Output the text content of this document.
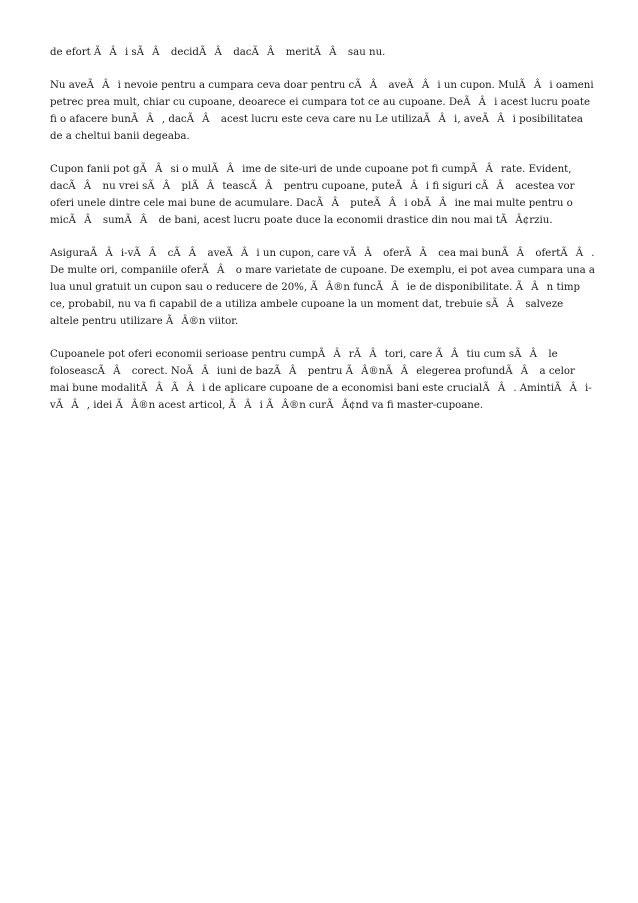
de efort ÃÂi sÃÂ decidÃÂ dacÃÂ meritÃÂ sau nu.

Nu aveÃÂi nevoie pentru a cumpara ceva doar pentru cÃÂ aveÃÂi un cupon. MulÃÂi oameni petrec prea mult, chiar cu cupoane, deoarece ei cumpara tot ce au cupoane. DeÃÂi acest lucru poate fi o afacere bunÃÂ, dacÃÂ acest lucru este ceva care nu Le utilizaÃÂi, aveÃÂi posibilitatea de a cheltui banii degeaba.

Cupon fanii pot gÃÂsi o mulÃÂime de site-uri de unde cupoane pot fi cumpÃÂrate. Evident, dacÃÂ nu vrei sÃÂ plÃÂteascÃÂ pentru cupoane, puteÃÂi fi siguri cÃÂ acestea vor oferi unele dintre cele mai bune de acumulare. DacÃÂ puteÃÂi obÃÂine mai multe pentru o micÃÂ sumÃÂ de bani, acest lucru poate duce la economii drastice din nou mai tÃÂ¢rziu.

AsiguraÃÂi-vÃÂ cÃÂ aveÃÂi un cupon, care vÃÂ oferÃÂ cea mai bunÃÂ ofertÃÂ. De multe ori, companiile oferÃÂ o mare varietate de cupoane. De exemplu, ei pot avea cumpara una a lua unul gratuit un cupon sau o reducere de 20%, ÃÂ®n funcÃÂie de disponibilitate. ÃÂn timp ce, probabil, nu va fi capabil de a utiliza ambele cupoane la un moment dat, trebuie sÃÂ salveze altele pentru utilizare ÃÂ®n viitor.

Cupoanele pot oferi economii serioase pentru cumpÃÂrÃÂtori, care ÃÂtiu cum sÃÂ le foloseascÃÂ corect. NoÃÂiuni de bazÃÂ pentru ÃÂ®nÃÂelegerea profundÃÂ a celor mai bune modalitÃÂÃÂi de aplicare cupoane de a economisi bani este crucialÃÂ. AmintiÃÂi-vÃÂ, idei ÃÂ®n acest articol, ÃÂi ÃÂ®n curÃÂ¢nd va fi master-cupoane.
